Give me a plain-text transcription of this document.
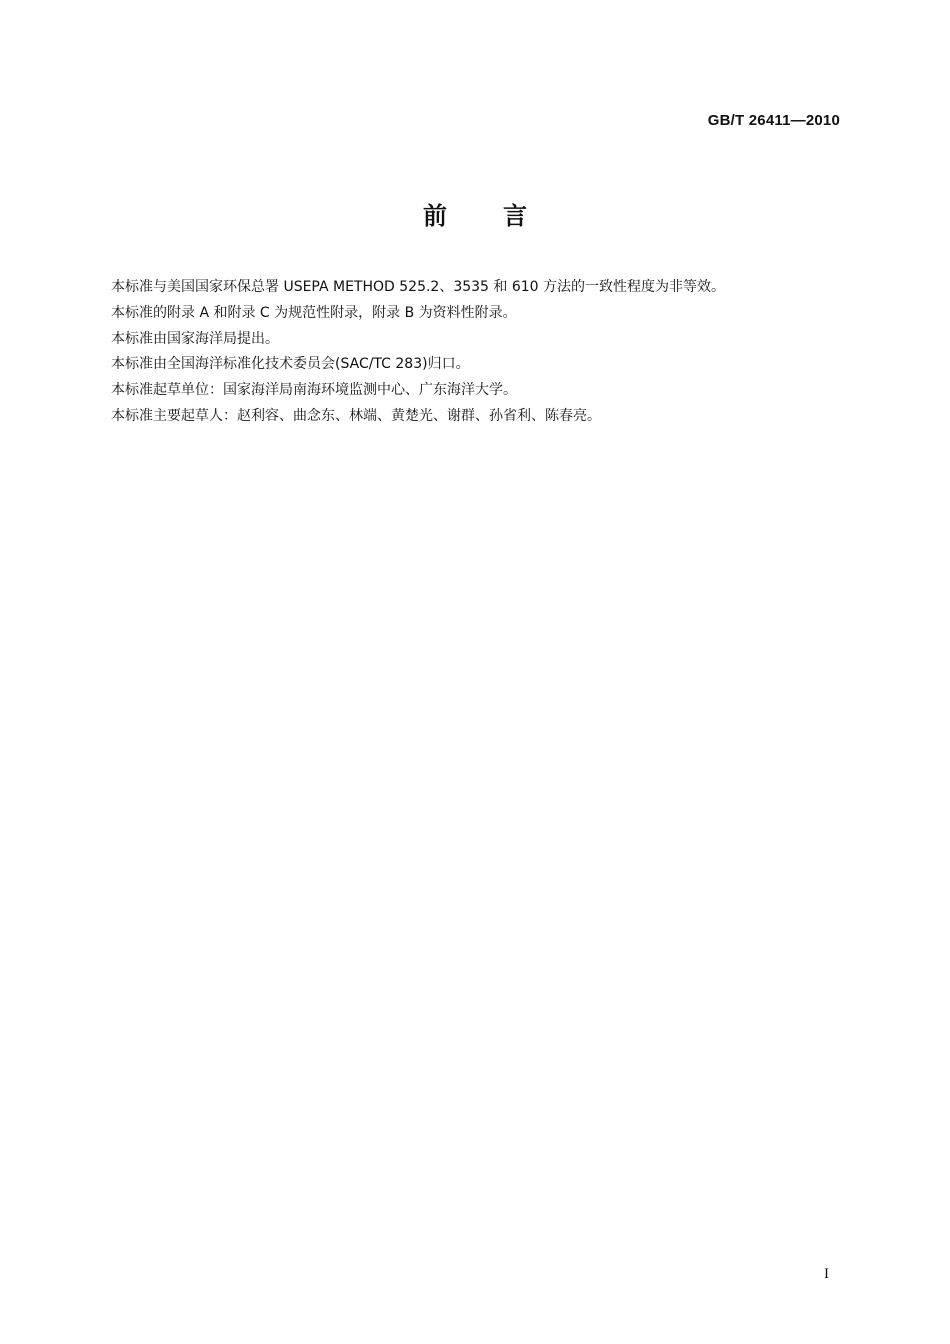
GB/T 26411—2010
前 言
本标准与美国国家环保总署 USEPA METHOD 525.2、3535 和 610 方法的一致性程度为非等效。
本标准的附录 A 和附录 C 为规范性附录，附录 B 为资料性附录。
本标准由国家海洋局提出。
本标准由全国海洋标准化技术委员会(SAC/TC 283)归口。
本标准起草单位：国家海洋局南海环境监测中心、广东海洋大学。
本标准主要起草人：赵利容、曲念东、林端、黄楚光、谢群、孙省利、陈春亮。
I
